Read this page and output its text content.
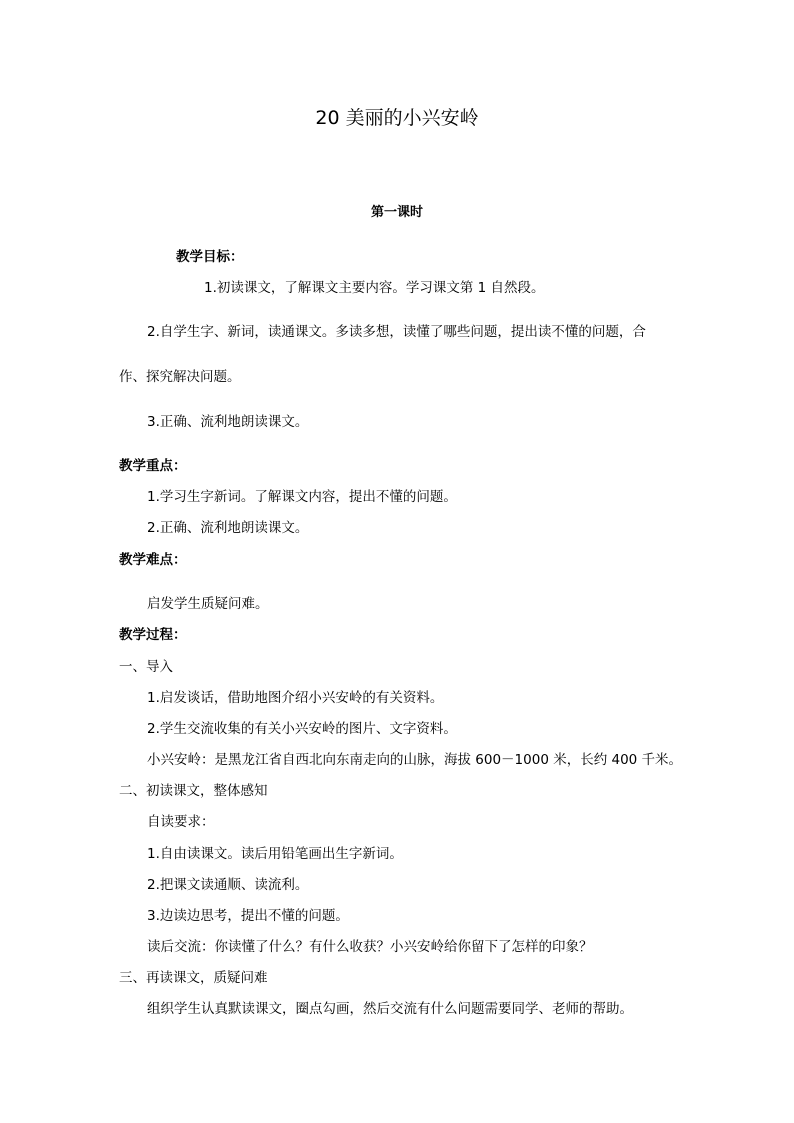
20 美丽的小兴安岭
第一课时
教学目标：
1.初读课文，了解课文主要内容。学习课文第 1 自然段。
2.自学生字、新词，读通课文。多读多想，读懂了哪些问题，提出读不懂的问题，合
作、探究解决问题。
3.正确、流利地朗读课文。
教学重点：
1.学习生字新词。了解课文内容，提出不懂的问题。
2.正确、流利地朗读课文。
教学难点：
启发学生质疑问难。
教学过程：
一、导入
1.启发谈话，借助地图介绍小兴安岭的有关资料。
2.学生交流收集的有关小兴安岭的图片、文字资料。
小兴安岭：是黑龙江省自西北向东南走向的山脉，海拔 600－1000 米，长约 400 千米。
二、初读课文，整体感知
自读要求：
1.自由读课文。读后用铅笔画出生字新词。
2.把课文读通顺、读流利。
3.边读边思考，提出不懂的问题。
读后交流：你读懂了什么？有什么收获？小兴安岭给你留下了怎样的印象？
三、再读课文，质疑问难
组织学生认真默读课文，圈点勾画，然后交流有什么问题需要同学、老师的帮助。
